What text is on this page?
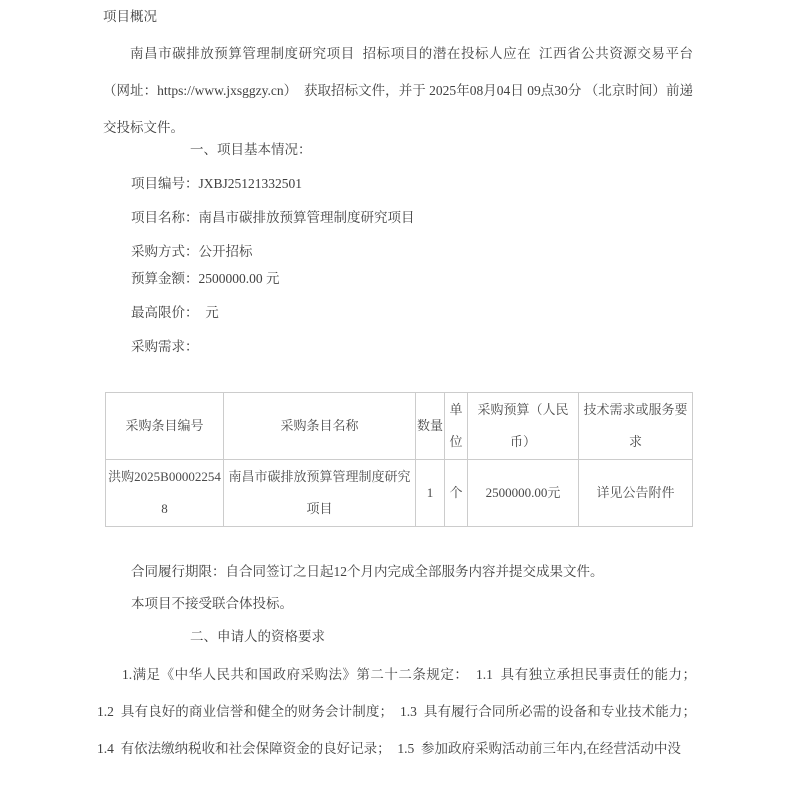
项目概况
南昌市碳排放预算管理制度研究项目  招标项目的潜在投标人应在  江西省公共资源交易平台（网址：https://www.jxsggzy.cn）  获取招标文件，并于 2025年08月04日 09点30分 （北京时间）前递交投标文件。
一、项目基本情况：
项目编号：JXBJ25121332501
项目名称：南昌市碳排放预算管理制度研究项目
采购方式：公开招标
预算金额：2500000.00 元
最高限价：  元
采购需求：
采购条目编号	采购条目名称	数量	单位	采购预算（人民币）	技术需求或服务要求
洪购2025B000022548	南昌市碳排放预算管理制度研究项目	1	个	2500000.00元	详见公告附件
合同履行期限：自合同签订之日起12个月内完成全部服务内容并提交成果文件。
本项目不接受联合体投标。
二、申请人的资格要求
1.满足《中华人民共和国政府采购法》第二十二条规定：  1.1  具有独立承担民事责任的能力；  1.2  具有良好的商业信誉和健全的财务会计制度；  1.3  具有履行合同所必需的设备和专业技术能力；  1.4  有依法缴纳税收和社会保障资金的良好记录；  1.5  参加政府采购活动前三年内,在经营活动中没
